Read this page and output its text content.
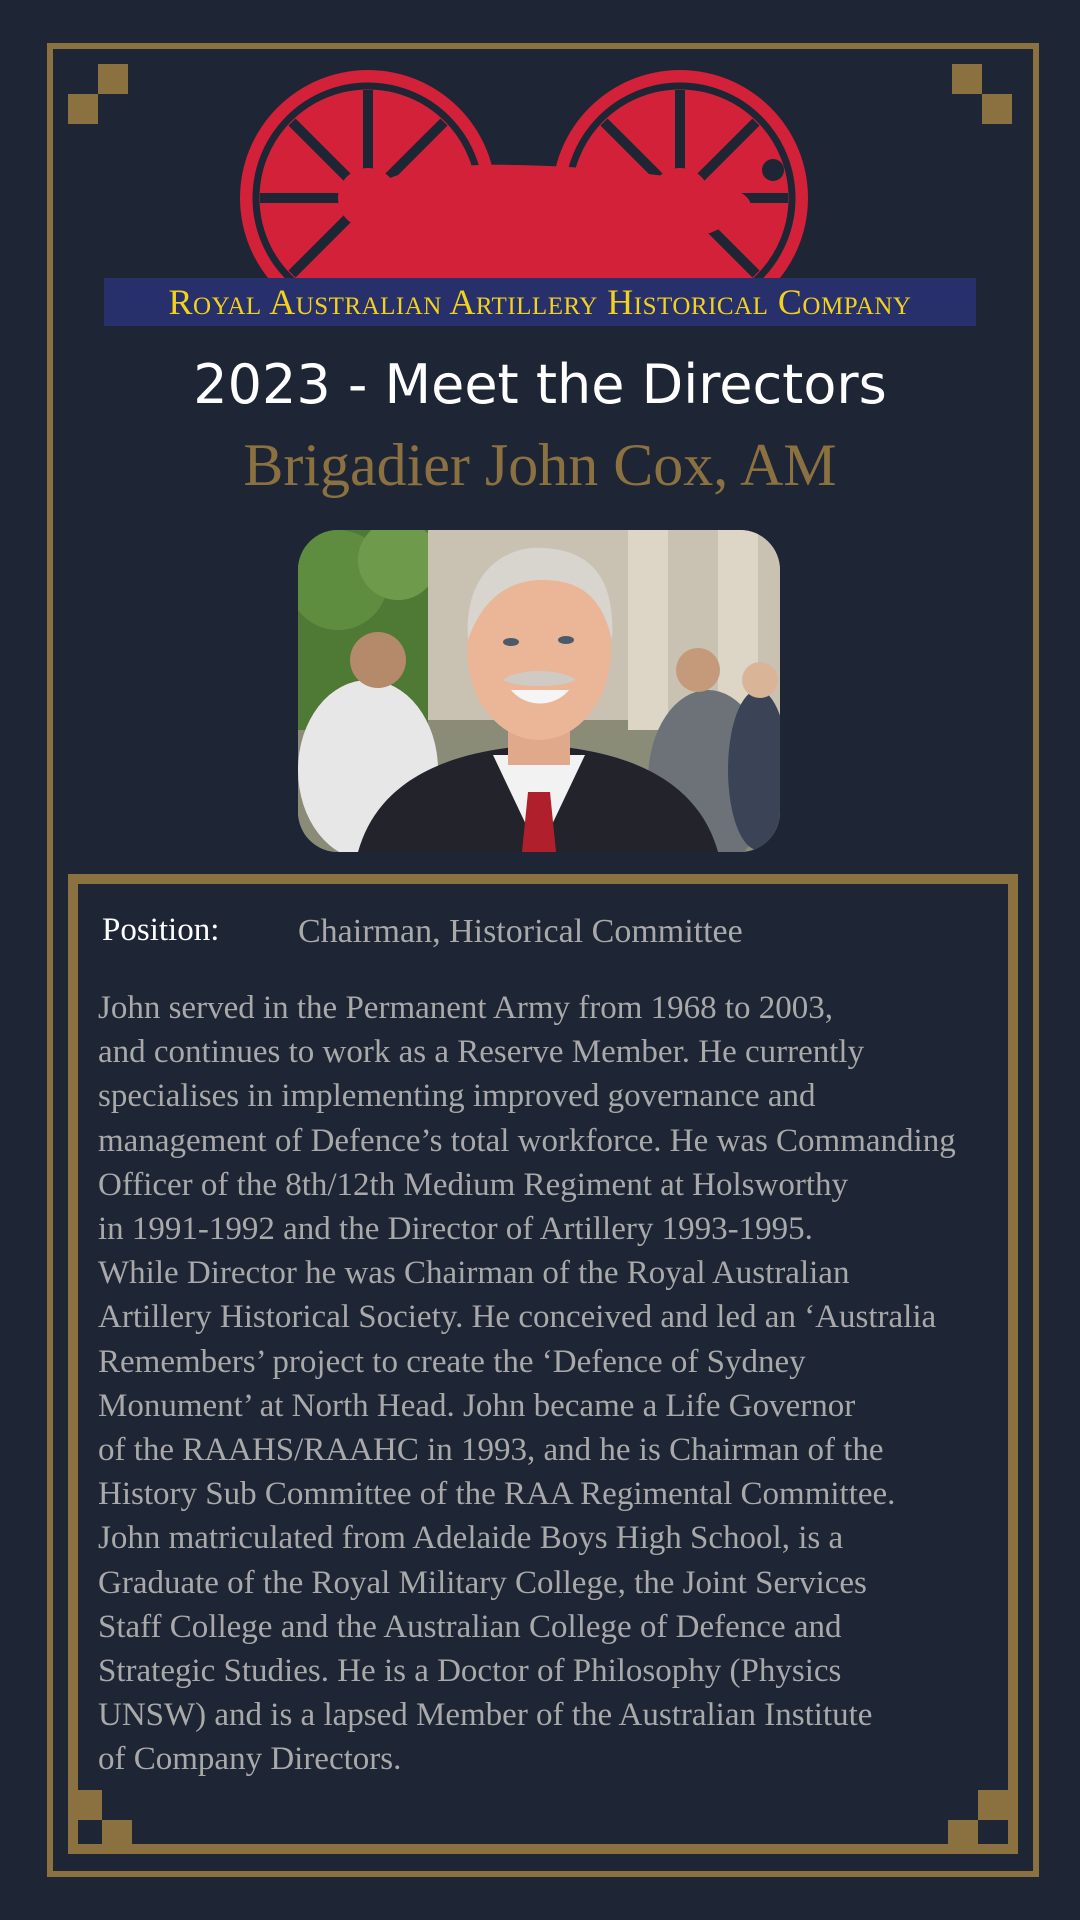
Royal Australian Artillery Historical Company
2023 - Meet the Directors
Brigadier John Cox, AM
Position: Chairman, Historical Committee
John served in the Permanent Army from 1968 to 2003,
and continues to work as a Reserve Member. He currently
specialises in implementing improved governance and
management of Defence’s total workforce. He was Commanding
Officer of the 8th/12th Medium Regiment at Holsworthy
in 1991-1992 and the Director of Artillery 1993-1995.
While Director he was Chairman of the Royal Australian
Artillery Historical Society. He conceived and led an ‘Australia
Remembers’ project to create the ‘Defence of Sydney
Monument’ at North Head. John became a Life Governor
of the RAAHS/RAAHC in 1993, and he is Chairman of the
History Sub Committee of the RAA Regimental Committee.
John matriculated from Adelaide Boys High School, is a
Graduate of the Royal Military College, the Joint Services
Staff College and the Australian College of Defence and
Strategic Studies. He is a Doctor of Philosophy (Physics
UNSW) and is a lapsed Member of the Australian Institute
of Company Directors.
